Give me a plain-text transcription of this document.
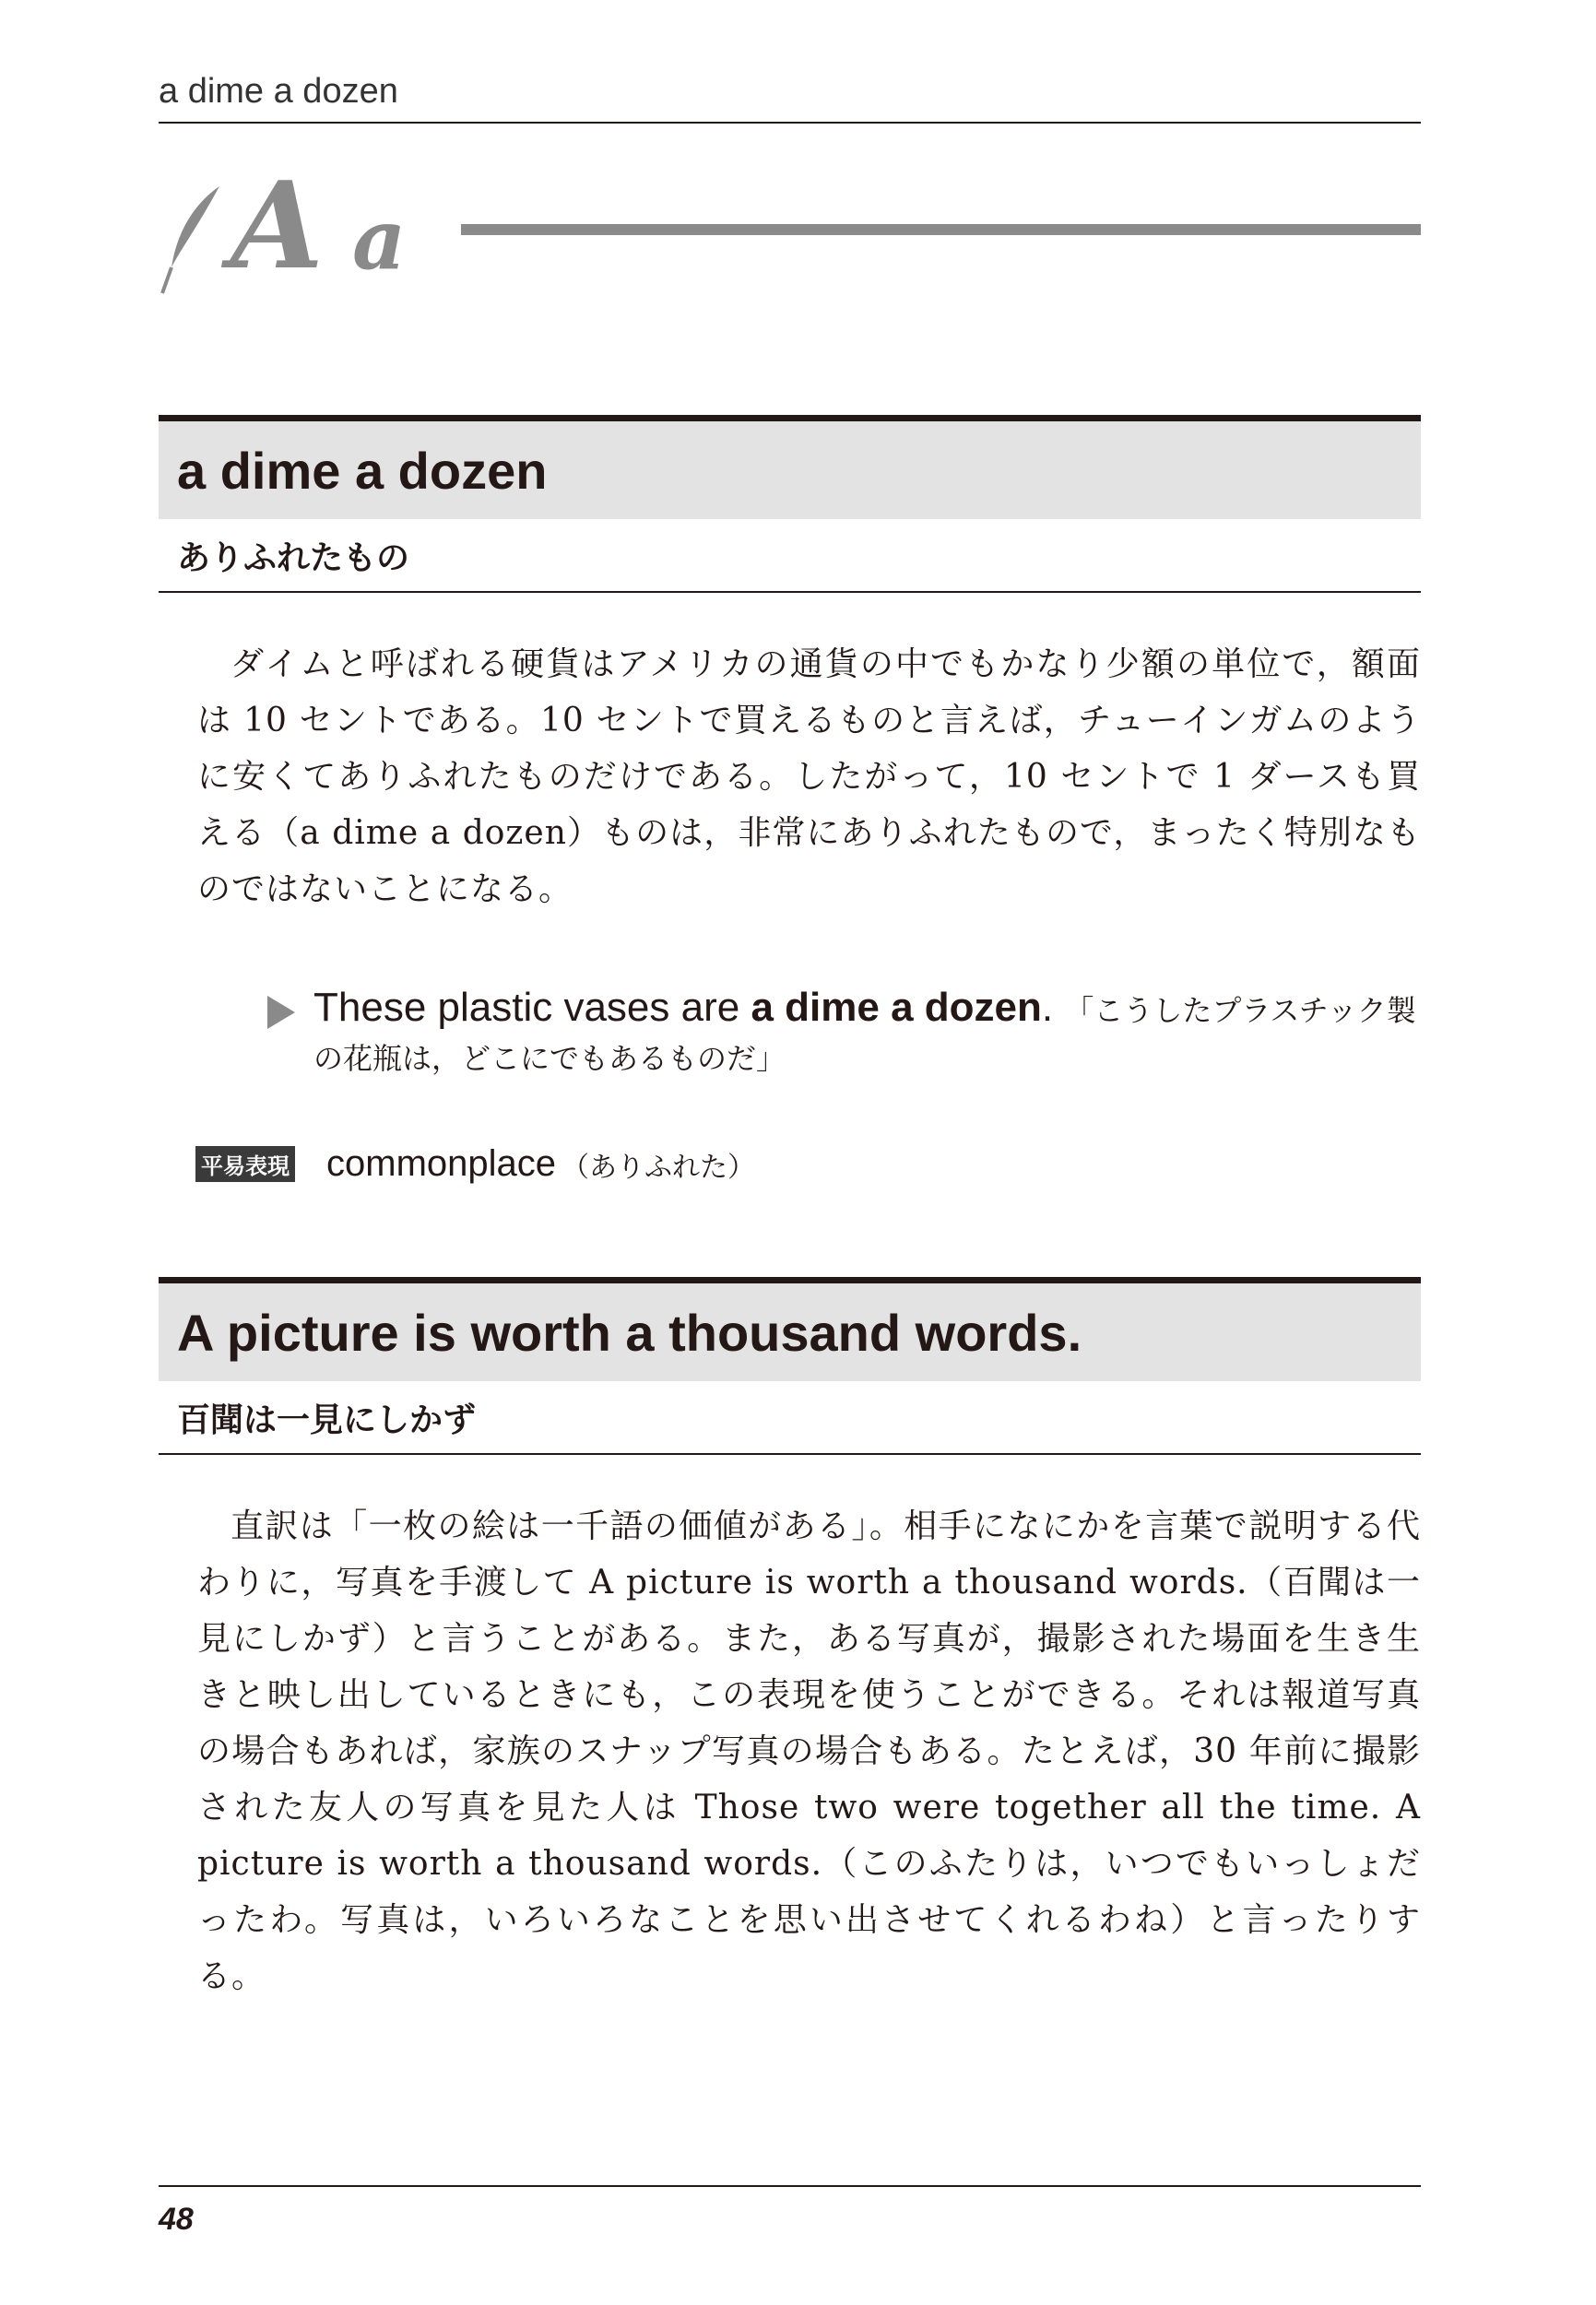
a dime a dozen
A a
a dime a dozen
ありふれたもの
ダイムと呼ばれる硬貨はアメリカの通貨の中でもかなり少額の単位で，額面は 10 セントである。10 セントで買えるものと言えば，チューインガムのように安くてありふれたものだけである。したがって，10 セントで 1 ダースも買える（a dime a dozen）ものは，非常にありふれたもので，まったく特別なものではないことになる。
These plastic vases are a dime a dozen. 「こうしたプラスチック製
の花瓶は，どこにでもあるものだ」
平易表現 commonplace （ありふれた）
A picture is worth a thousand words.
百聞は一見にしかず
直訳は「一枚の絵は一千語の価値がある」。相手になにかを言葉で説明する代わりに，写真を手渡して A picture is worth a thousand words.（百聞は一見にしかず）と言うことがある。また，ある写真が，撮影された場面を生き生きと映し出しているときにも，この表現を使うことができる。それは報道写真の場合もあれば，家族のスナップ写真の場合もある。たとえば，30 年前に撮影された友人の写真を見た人は Those two were together all the time. A picture is worth a thousand words.（このふたりは，いつでもいっしょだったわ。写真は，いろいろなことを思い出させてくれるわね）と言ったりする。
48
